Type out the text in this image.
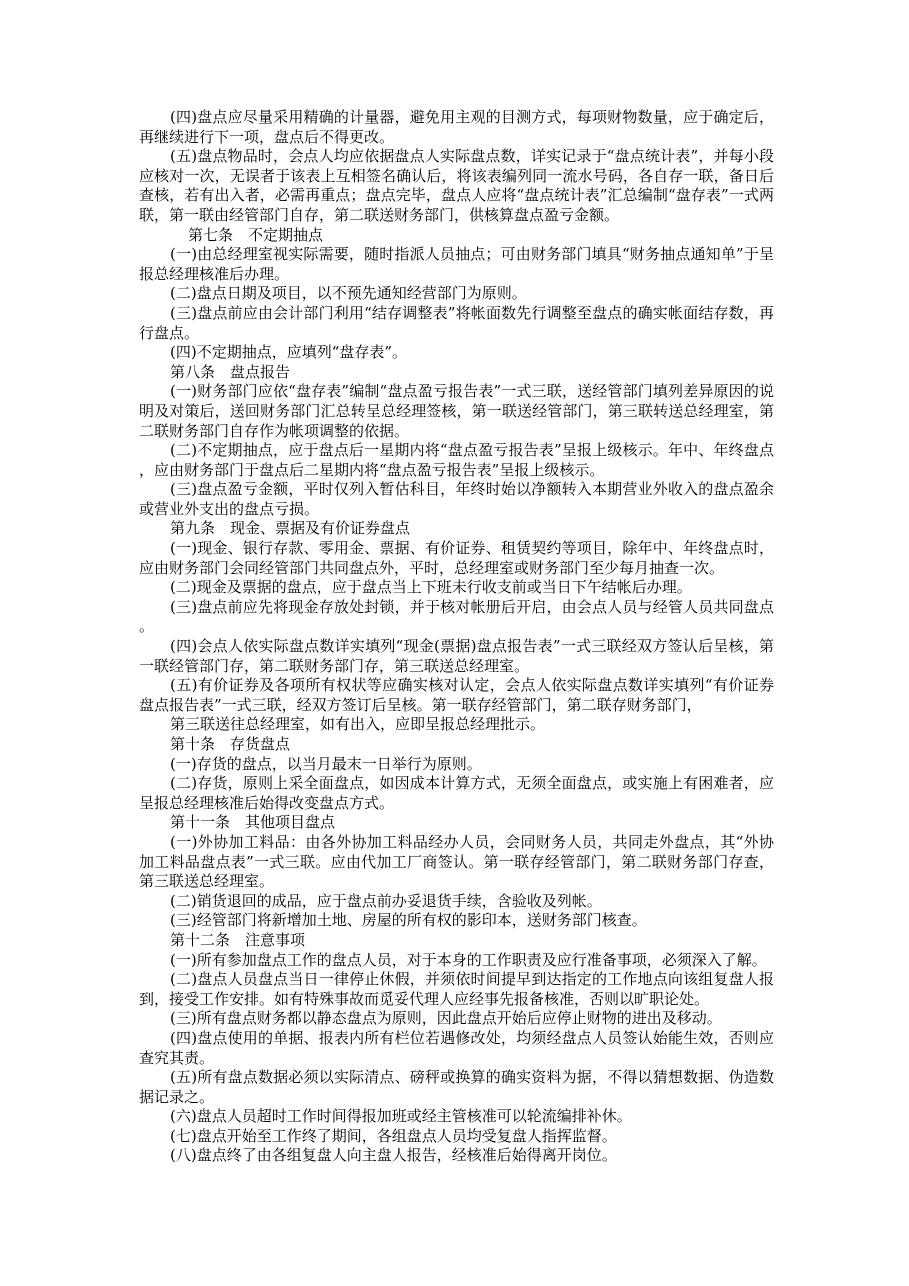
(四)盘点应尽量采用精确的计量器，避免用主观的目测方式，每项财物数量，应于确定后，再继续进行下一项，盘点后不得更改。

(五)盘点物品时，会点人均应依据盘点人实际盘点数，详实记录于“盘点统计表”，并每小段应核对一次，无误者于该表上互相签名确认后，将该表编列同一流水号码，各自存一联，备日后查核，若有出入者，必需再重点；盘点完毕，盘点人应将“盘点统计表”汇总编制“盘存表”一式两联，第一联由经管部门自存，第二联送财务部门，供核算盘点盈亏金额。

第七条　不定期抽点

(一)由总经理室视实际需要，随时指派人员抽点；可由财务部门填具“财务抽点通知单”于呈报总经理核准后办理。

(二)盘点日期及项目，以不预先通知经营部门为原则。

(三)盘点前应由会计部门利用“结存调整表”将帐面数先行调整至盘点的确实帐面结存数，再行盘点。

(四)不定期抽点，应填列“盘存表”。

第八条　盘点报告

(一)财务部门应依“盘存表”编制“盘点盈亏报告表”一式三联，送经管部门填列差异原因的说明及对策后，送回财务部门汇总转呈总经理签核，第一联送经管部门，第三联转送总经理室，第二联财务部门自存作为帐项调整的依据。

(二)不定期抽点，应于盘点后一星期内将“盘点盈亏报告表”呈报上级核示。年中、年终盘点，应由财务部门于盘点后二星期内将“盘点盈亏报告表”呈报上级核示。

(三)盘点盈亏金额，平时仅列入暂估科目，年终时始以净额转入本期营业外收入的盘点盈余或营业外支出的盘点亏损。

第九条　现金、票据及有价证券盘点

(一)现金、银行存款、零用金、票据、有价证券、租赁契约等项目，除年中、年终盘点时，应由财务部门会同经管部门共同盘点外，平时，总经理室或财务部门至少每月抽查一次。

(二)现金及票据的盘点，应于盘点当上下班未行收支前或当日下午结帐后办理。

(三)盘点前应先将现金存放处封锁，并于核对帐册后开启，由会点人员与经管人员共同盘点。

(四)会点人依实际盘点数详实填列“现金(票据)盘点报告表”一式三联经双方签认后呈核，第一联经管部门存，第二联财务部门存，第三联送总经理室。

(五)有价证券及各项所有权状等应确实核对认定，会点人依实际盘点数详实填列“有价证券盘点报告表”一式三联，经双方签订后呈核。第一联存经管部门，第二联存财务部门，

第三联送往总经理室，如有出入，应即呈报总经理批示。

第十条　存货盘点

(一)存货的盘点，以当月最末一日举行为原则。

(二)存货，原则上采全面盘点，如因成本计算方式，无须全面盘点，或实施上有困难者，应呈报总经理核准后始得改变盘点方式。

第十一条　其他项目盘点

(一)外协加工料品：由各外协加工料品经办人员，会同财务人员，共同走外盘点，其“外协加工料品盘点表”一式三联。应由代加工厂商签认。第一联存经管部门，第二联财务部门存查，第三联送总经理室。

(二)销货退回的成品，应于盘点前办妥退货手续，含验收及列帐。

(三)经管部门将新增加土地、房屋的所有权的影印本，送财务部门核查。

第十二条　注意事项

(一)所有参加盘点工作的盘点人员，对于本身的工作职责及应行准备事项，必须深入了解。

(二)盘点人员盘点当日一律停止休假，并须依时间提早到达指定的工作地点向该组复盘人报到，接受工作安排。如有特殊事故而觅妥代理人应经事先报备核准，否则以旷职论处。

(三)所有盘点财务都以静态盘点为原则，因此盘点开始后应停止财物的进出及移动。

(四)盘点使用的单据、报表内所有栏位若遇修改处，均须经盘点人员签认始能生效，否则应查究其责。

(五)所有盘点数据必须以实际清点、磅秤或换算的确实资料为据，不得以猜想数据、伪造数据记录之。

(六)盘点人员超时工作时间得报加班或经主管核准可以轮流编排补休。

(七)盘点开始至工作终了期间，各组盘点人员均受复盘人指挥监督。

(八)盘点终了由各组复盘人向主盘人报告，经核准后始得离开岗位。
